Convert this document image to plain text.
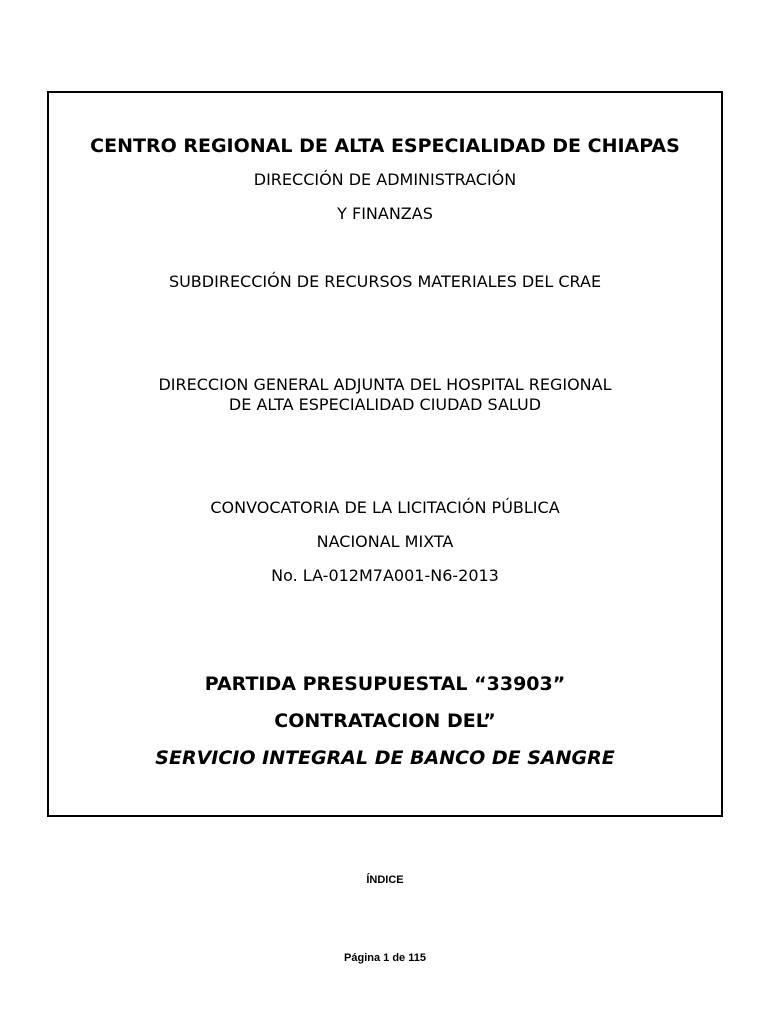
CENTRO REGIONAL DE ALTA ESPECIALIDAD DE CHIAPAS
DIRECCIÓN DE ADMINISTRACIÓN
Y FINANZAS
SUBDIRECCIÓN DE RECURSOS MATERIALES DEL CRAE
DIRECCION GENERAL ADJUNTA DEL HOSPITAL REGIONAL
DE ALTA ESPECIALIDAD CIUDAD SALUD
CONVOCATORIA DE LA LICITACIÓN PÚBLICA
NACIONAL MIXTA
No. LA-012M7A001-N6-2013
PARTIDA PRESUPUESTAL “33903”
CONTRATACION DEL”
SERVICIO INTEGRAL DE BANCO DE SANGRE
ÍNDICE
Página 1 de 115
